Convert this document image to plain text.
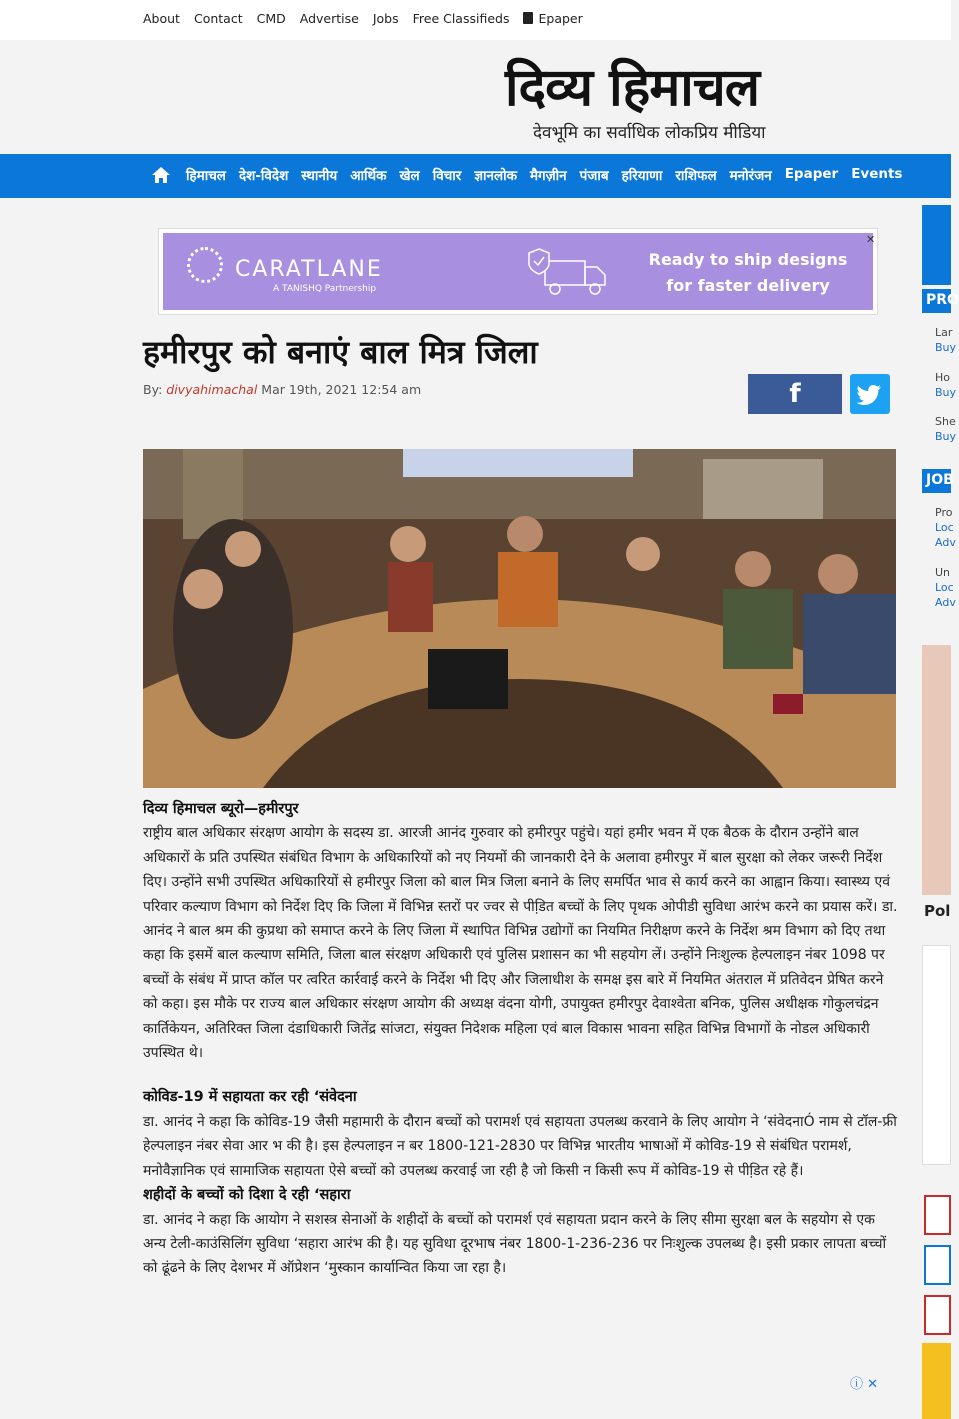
About Contact CMD Advertise Jobs Free Classifieds	Epaper
दिव्य हिमाचल
देवभूमि का सर्वाधिक लोकप्रिय मीडिया
हिमाचल देश-विदेश स्थानीय आर्थिक खेल विचार ज्ञानलोक मैगज़ीन पंजाब हरियाणा राशिफल मनोरंजन Epaper Events
CARATLANE
A TANISHQ Partnership
Ready to ship designs
for faster delivery
✕
हमीरपुर को बनाएं बाल मित्र जिला
By: divyahimachal Mar 19th, 2021 12:54 am	f
दिव्य हिमाचल ब्यूरो—हमीरपुर

राष्ट्रीय बाल अधिकार संरक्षण आयोग के सदस्य डा. आरजी आनंद गुरुवार को हमीरपुर पहुंचे। यहां हमीर भवन में एक बैठक के दौरान उन्होंने बाल अधिकारों के प्रति उपस्थित संबंधित विभाग के अधिकारियों को नए नियमों की जानकारी देने के अलावा हमीरपुर में बाल सुरक्षा को लेकर जरूरी निर्देश दिए। उन्होंने सभी उपस्थित अधिकारियों से हमीरपुर जिला को बाल मित्र जिला बनाने के लिए समर्पित भाव से कार्य करने का आह्वान किया। स्वास्थ्य एवं परिवार कल्याण विभाग को निर्देश दिए कि जिला में विभिन्न स्तरों पर ज्वर से पीडि़त बच्चों के लिए पृथक ओपीडी सुविधा आरंभ करने का प्रयास करें। डा. आनंद ने बाल श्रम की कुप्रथा को समाप्त करने के लिए जिला में स्थापित विभिन्न उद्योगों का नियमित निरीक्षण करने के निर्देश श्रम विभाग को दिए तथा कहा कि इसमें बाल कल्याण समिति, जिला बाल संरक्षण अधिकारी एवं पुलिस प्रशासन का भी सहयोग लें। उन्होंने निःशुल्क हेल्पलाइन नंबर 1098 पर बच्चों के संबंध में प्राप्त कॉल पर त्वरित कार्रवाई करने के निर्देश भी दिए और जिलाधीश के समक्ष इस बारे में नियमित अंतराल में प्रतिवेदन प्रेषित करने को कहा। इस मौके पर राज्य बाल अधिकार संरक्षण आयोग की अध्यक्ष वंदना योगी, उपायुक्त हमीरपुर देवाश्वेता बनिक, पुलिस अधीक्षक गोकुलचंद्रन कार्तिकेयन, अतिरिक्त जिला दंडाधिकारी जितेंद्र सांजटा, संयुक्त निदेशक महिला एवं बाल विकास भावना सहित विभिन्न विभागों के नोडल अधिकारी उपस्थित थे।

कोविड-19 में सहायता कर रही ‘संवेदना

डा. आनंद ने कहा कि कोविड-19 जैसी महामारी के दौरान बच्चों को परामर्श एवं सहायता उपलब्ध करवाने के लिए आयोग ने ‘संवेदनाÓ नाम से टॉल-फ्री हेल्पलाइन नंबर सेवा आर भ की है। इस हेल्पलाइन न बर 1800-121-2830 पर विभिन्न भारतीय भाषाओं में कोविड-19 से संबंधित परामर्श, मनोवैज्ञानिक एवं सामाजिक सहायता ऐसे बच्चों को उपलब्ध करवाई जा रही है जो किसी न किसी रूप में कोविड-19 से पीडि़त रहे हैं।

शहीदों के बच्चों को दिशा दे रही ‘सहारा

डा. आनंद ने कहा कि आयोग ने सशस्त्र सेनाओं के शहीदों के बच्चों को परामर्श एवं सहायता प्रदान करने के लिए सीमा सुरक्षा बल के सहयोग से एक अन्य टेली-काउंसिलिंग सुविधा ‘सहारा आरंभ की है। यह सुविधा दूरभाष नंबर 1800-1-236-236 पर निःशुल्क उपलब्ध है। इसी प्रकार लापता बच्चों को ढूंढने के लिए देशभर में ऑप्रेशन ‘मुस्कान कार्यान्वित किया जा रहा है।

ⓘ ✕
PRO
Lar
Buy
Ho
Buy
She
Buy
JOB
Pro
Loc
Adv
Un
Loc
Adv
Pol
